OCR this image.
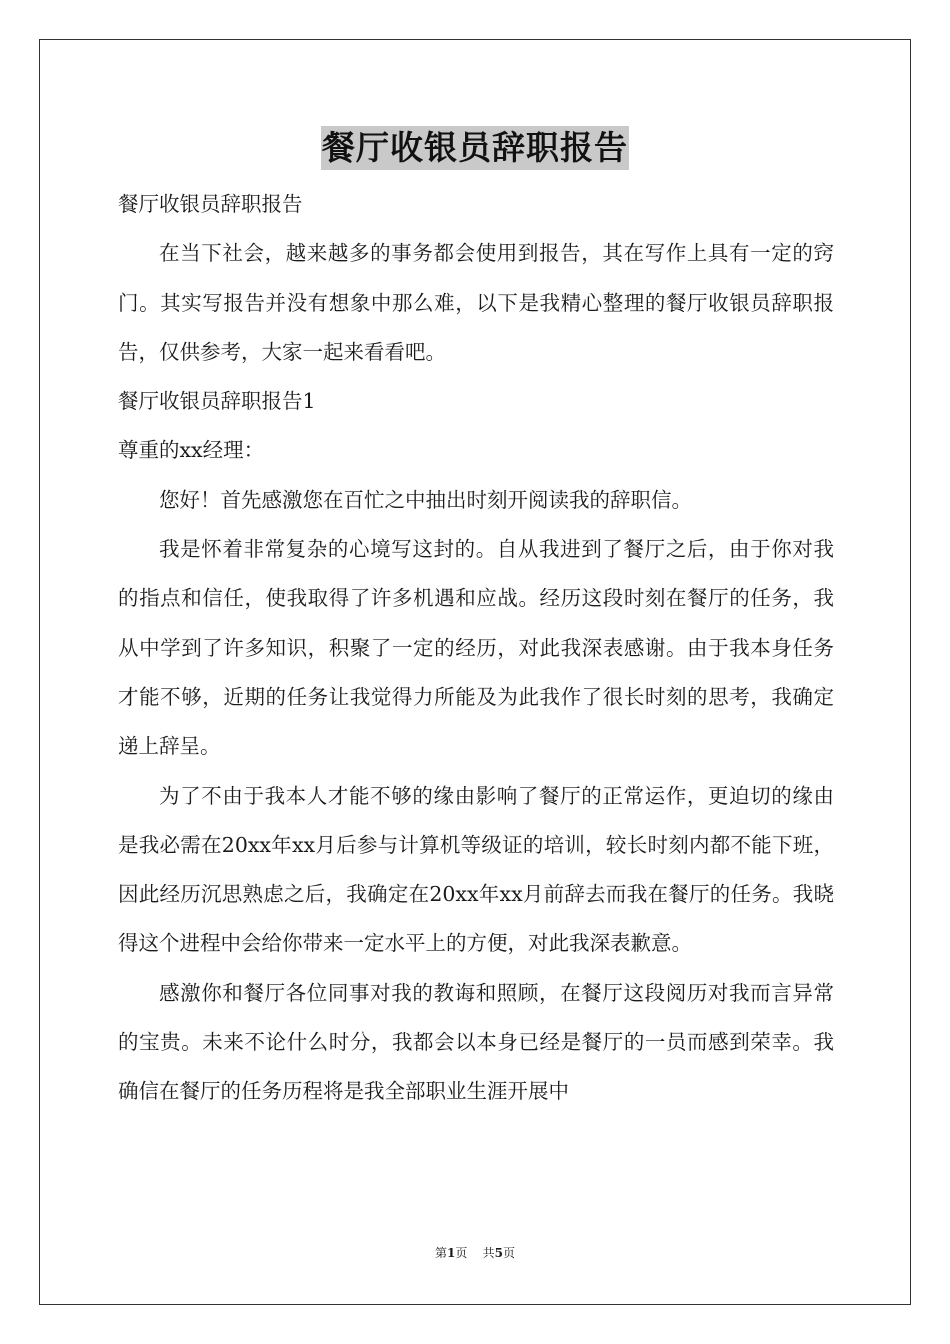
餐厅收银员辞职报告

餐厅收银员辞职报告

在当下社会，越来越多的事务都会使用到报告，其在写作上具有一定的窍门。其实写报告并没有想象中那么难，以下是我精心整理的餐厅收银员辞职报告，仅供参考，大家一起来看看吧。

餐厅收银员辞职报告1

尊重的xx经理：

您好！首先感激您在百忙之中抽出时刻开阅读我的辞职信。

我是怀着非常复杂的心境写这封的。自从我进到了餐厅之后，由于你对我的指点和信任，使我取得了许多机遇和应战。经历这段时刻在餐厅的任务，我从中学到了许多知识，积聚了一定的经历，对此我深表感谢。由于我本身任务才能不够，近期的任务让我觉得力所能及为此我作了很长时刻的思考，我确定递上辞呈。

为了不由于我本人才能不够的缘由影响了餐厅的正常运作，更迫切的缘由是我必需在20xx年xx月后参与计算机等级证的培训，较长时刻内都不能下班，因此经历沉思熟虑之后，我确定在20xx年xx月前辞去而我在餐厅的任务。我晓得这个进程中会给你带来一定水平上的方便，对此我深表歉意。

感激你和餐厅各位同事对我的教诲和照顾，在餐厅这段阅历对我而言异常的宝贵。未来不论什么时分，我都会以本身已经是餐厅的一员而感到荣幸。我确信在餐厅的任务历程将是我全部职业生涯开展中

第1页 共5页
